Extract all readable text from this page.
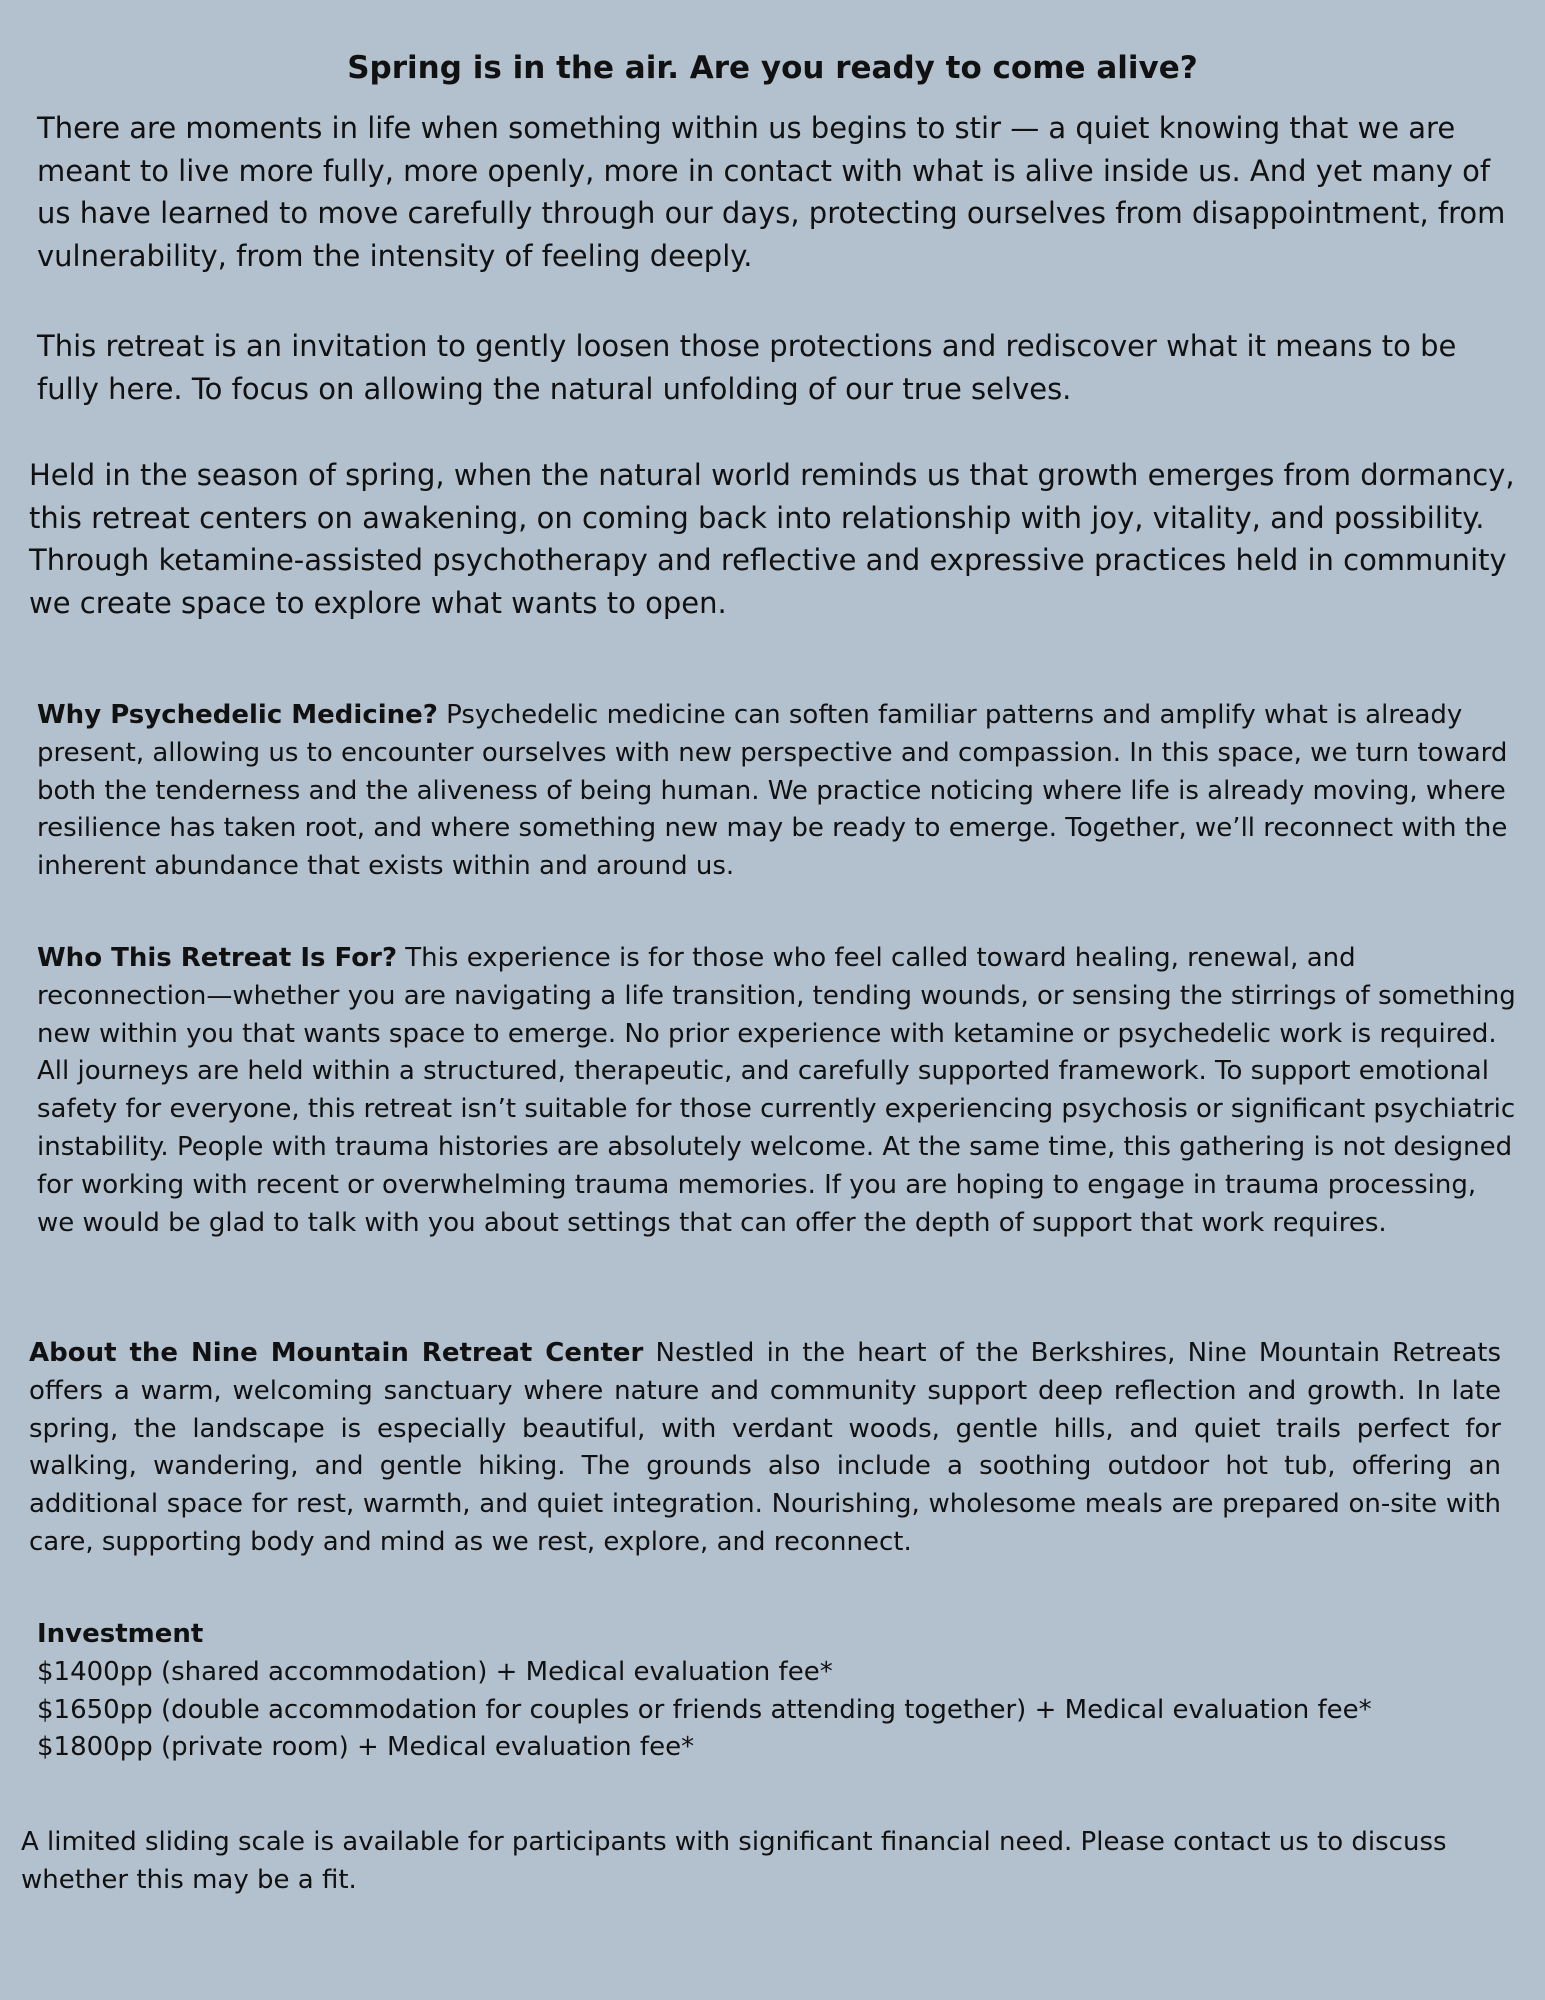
Spring is in the air. Are you ready to come alive?

There are moments in life when something within us begins to stir — a quiet knowing that we are meant to live more fully, more openly, more in contact with what is alive inside us. And yet many of us have learned to move carefully through our days, protecting ourselves from disappointment, from vulnerability, from the intensity of feeling deeply.

This retreat is an invitation to gently loosen those protections and rediscover what it means to be fully here. To focus on allowing the natural unfolding of our true selves.

Held in the season of spring, when the natural world reminds us that growth emerges from dormancy, this retreat centers on awakening, on coming back into relationship with joy, vitality, and possibility. Through ketamine-assisted psychotherapy and reflective and expressive practices held in community we create space to explore what wants to open.

Why Psychedelic Medicine? Psychedelic medicine can soften familiar patterns and amplify what is already present, allowing us to encounter ourselves with new perspective and compassion. In this space, we turn toward both the tenderness and the aliveness of being human. We practice noticing where life is already moving, where resilience has taken root, and where something new may be ready to emerge. Together, we’ll reconnect with the inherent abundance that exists within and around us.

Who This Retreat Is For? This experience is for those who feel called toward healing, renewal, and reconnection—whether you are navigating a life transition, tending wounds, or sensing the stirrings of something new within you that wants space to emerge. No prior experience with ketamine or psychedelic work is required. All journeys are held within a structured, therapeutic, and carefully supported framework. To support emotional safety for everyone, this retreat isn’t suitable for those currently experiencing psychosis or significant psychiatric instability. People with trauma histories are absolutely welcome. At the same time, this gathering is not designed for working with recent or overwhelming trauma memories. If you are hoping to engage in trauma processing, we would be glad to talk with you about settings that can offer the depth of support that work requires.

About the Nine Mountain Retreat Center Nestled in the heart of the Berkshires, Nine Mountain Retreats offers a warm, welcoming sanctuary where nature and community support deep reflection and growth. In late spring, the landscape is especially beautiful, with verdant woods, gentle hills, and quiet trails perfect for walking, wandering, and gentle hiking. The grounds also include a soothing outdoor hot tub, offering an additional space for rest, warmth, and quiet integration. Nourishing, wholesome meals are prepared on-site with care, supporting body and mind as we rest, explore, and reconnect.

Investment
$1400pp (shared accommodation) + Medical evaluation fee*
$1650pp (double accommodation for couples or friends attending together) + Medical evaluation fee*
$1800pp (private room) + Medical evaluation fee*

A limited sliding scale is available for participants with significant financial need. Please contact us to discuss whether this may be a fit.
